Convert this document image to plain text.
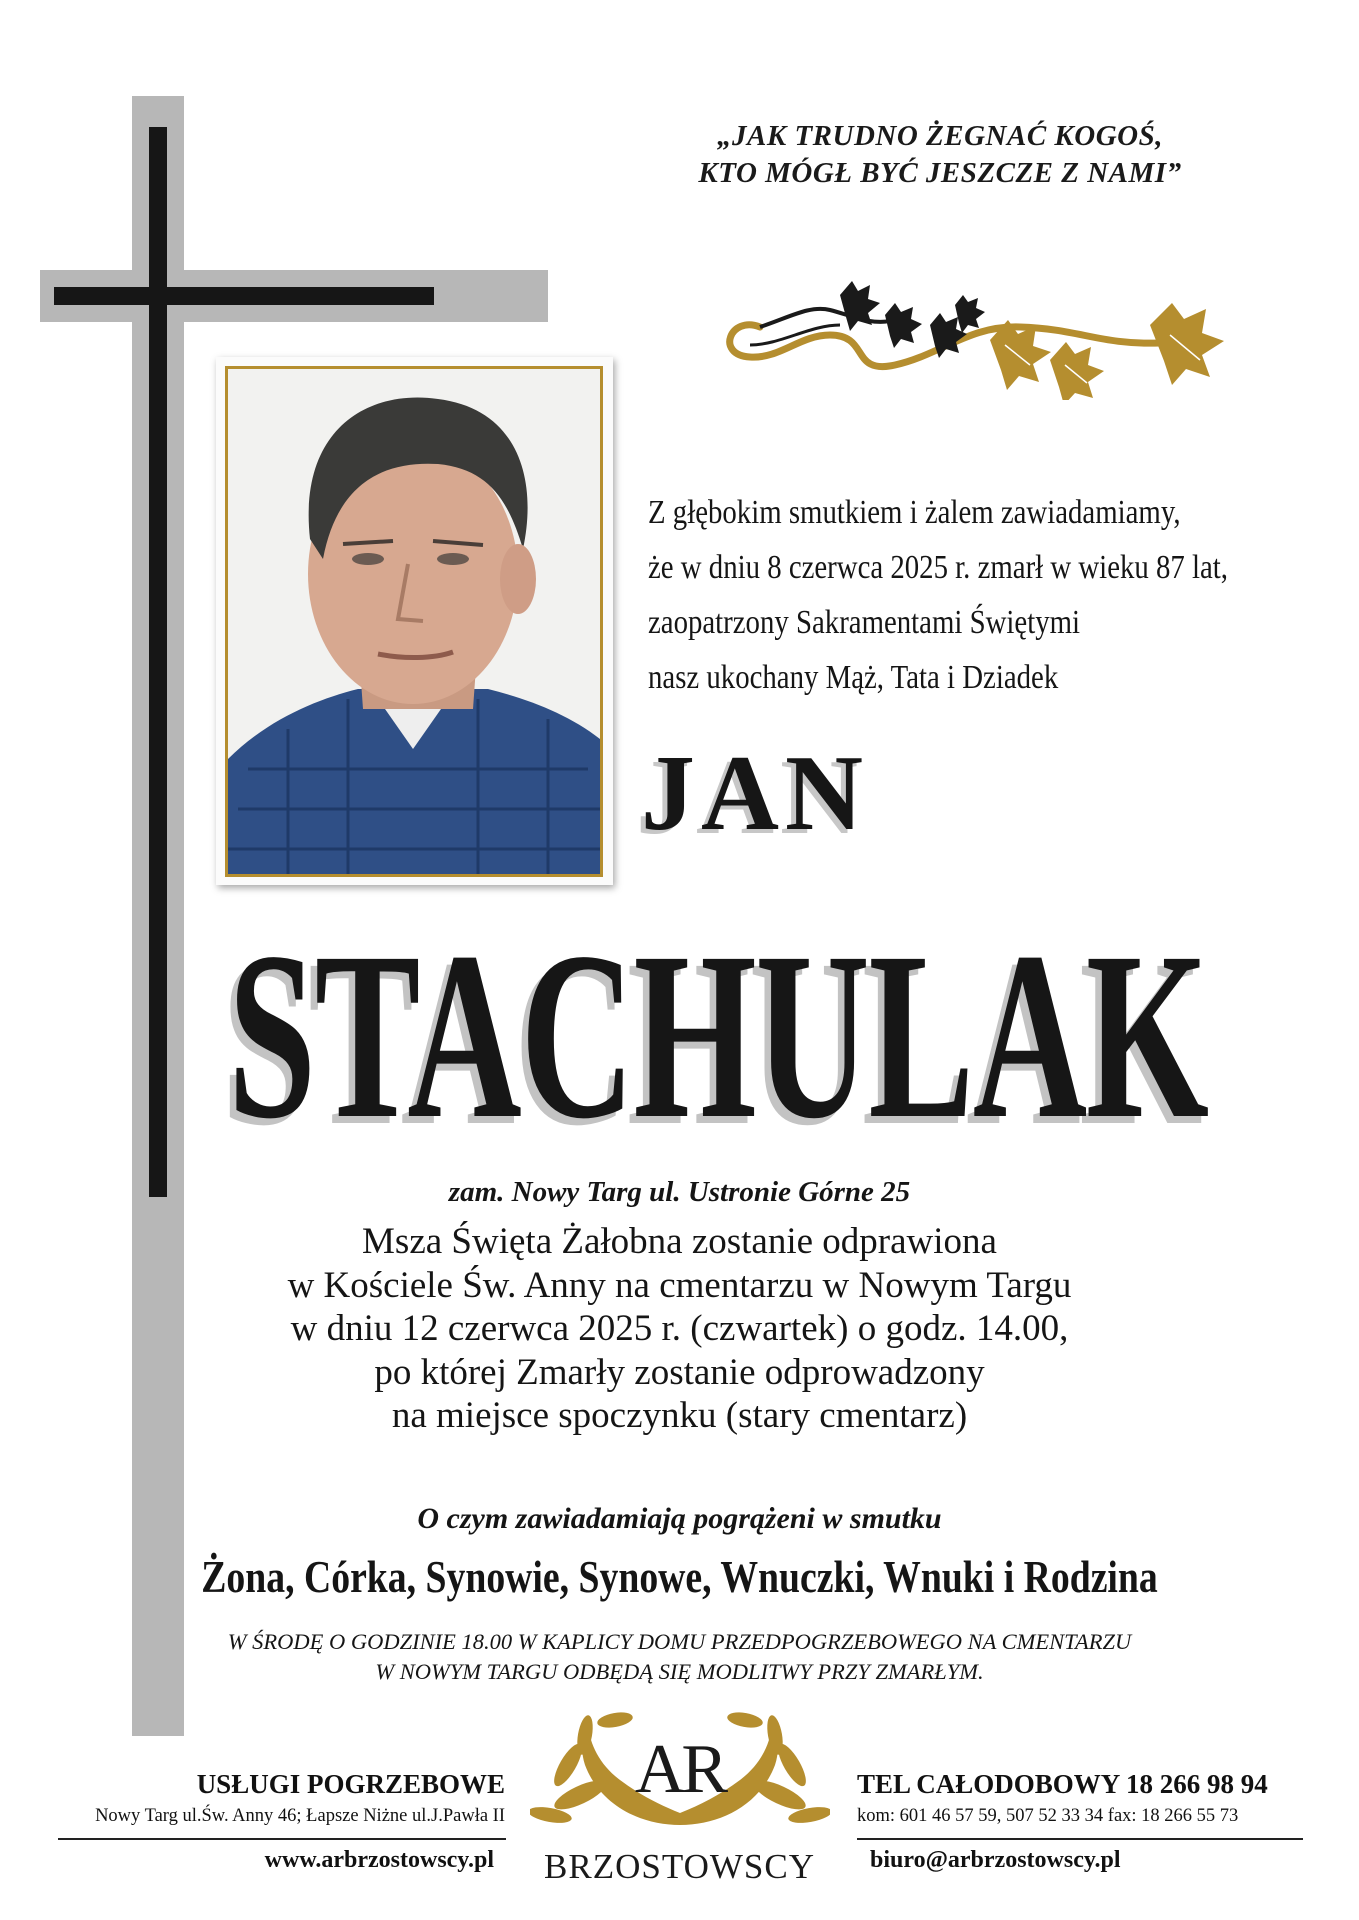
„JAK TRUDNO ŻEGNAĆ KOGOŚ,
KTO MÓGŁ BYĆ JESZCZE Z NAMI”
Z głębokim smutkiem i żalem zawiadamiamy,
że w dniu 8 czerwca 2025 r. zmarł w wieku 87 lat,
zaopatrzony Sakramentami Świętymi
nasz ukochany Mąż, Tata i Dziadek
JAN
STACHULAK
zam. Nowy Targ ul. Ustronie Górne 25
Msza Święta Żałobna zostanie odprawiona
w Kościele Św. Anny na cmentarzu w Nowym Targu
w dniu 12 czerwca 2025 r. (czwartek) o godz. 14.00,
po której Zmarły zostanie odprowadzony
na miejsce spoczynku (stary cmentarz)
O czym zawiadamiają pogrążeni w smutku
Żona, Córka, Synowie, Synowe, Wnuczki, Wnuki i Rodzina
W ŚRODĘ O GODZINIE 18.00 W KAPLICY DOMU PRZEDPOGRZEBOWEGO NA CMENTARZU
W NOWYM TARGU ODBĘDĄ SIĘ MODLITWY PRZY ZMARŁYM.
USŁUGI POGRZEBOWE
Nowy Targ ul.Św. Anny 46; Łapsze Niżne ul.J.Pawła II
www.arbrzostowscy.pl
AR
BRZOSTOWSCY
TEL CAŁODOBOWY 18 266 98 94
kom: 601 46 57 59, 507 52 33 34 fax: 18 266 55 73
biuro@arbrzostowscy.pl
